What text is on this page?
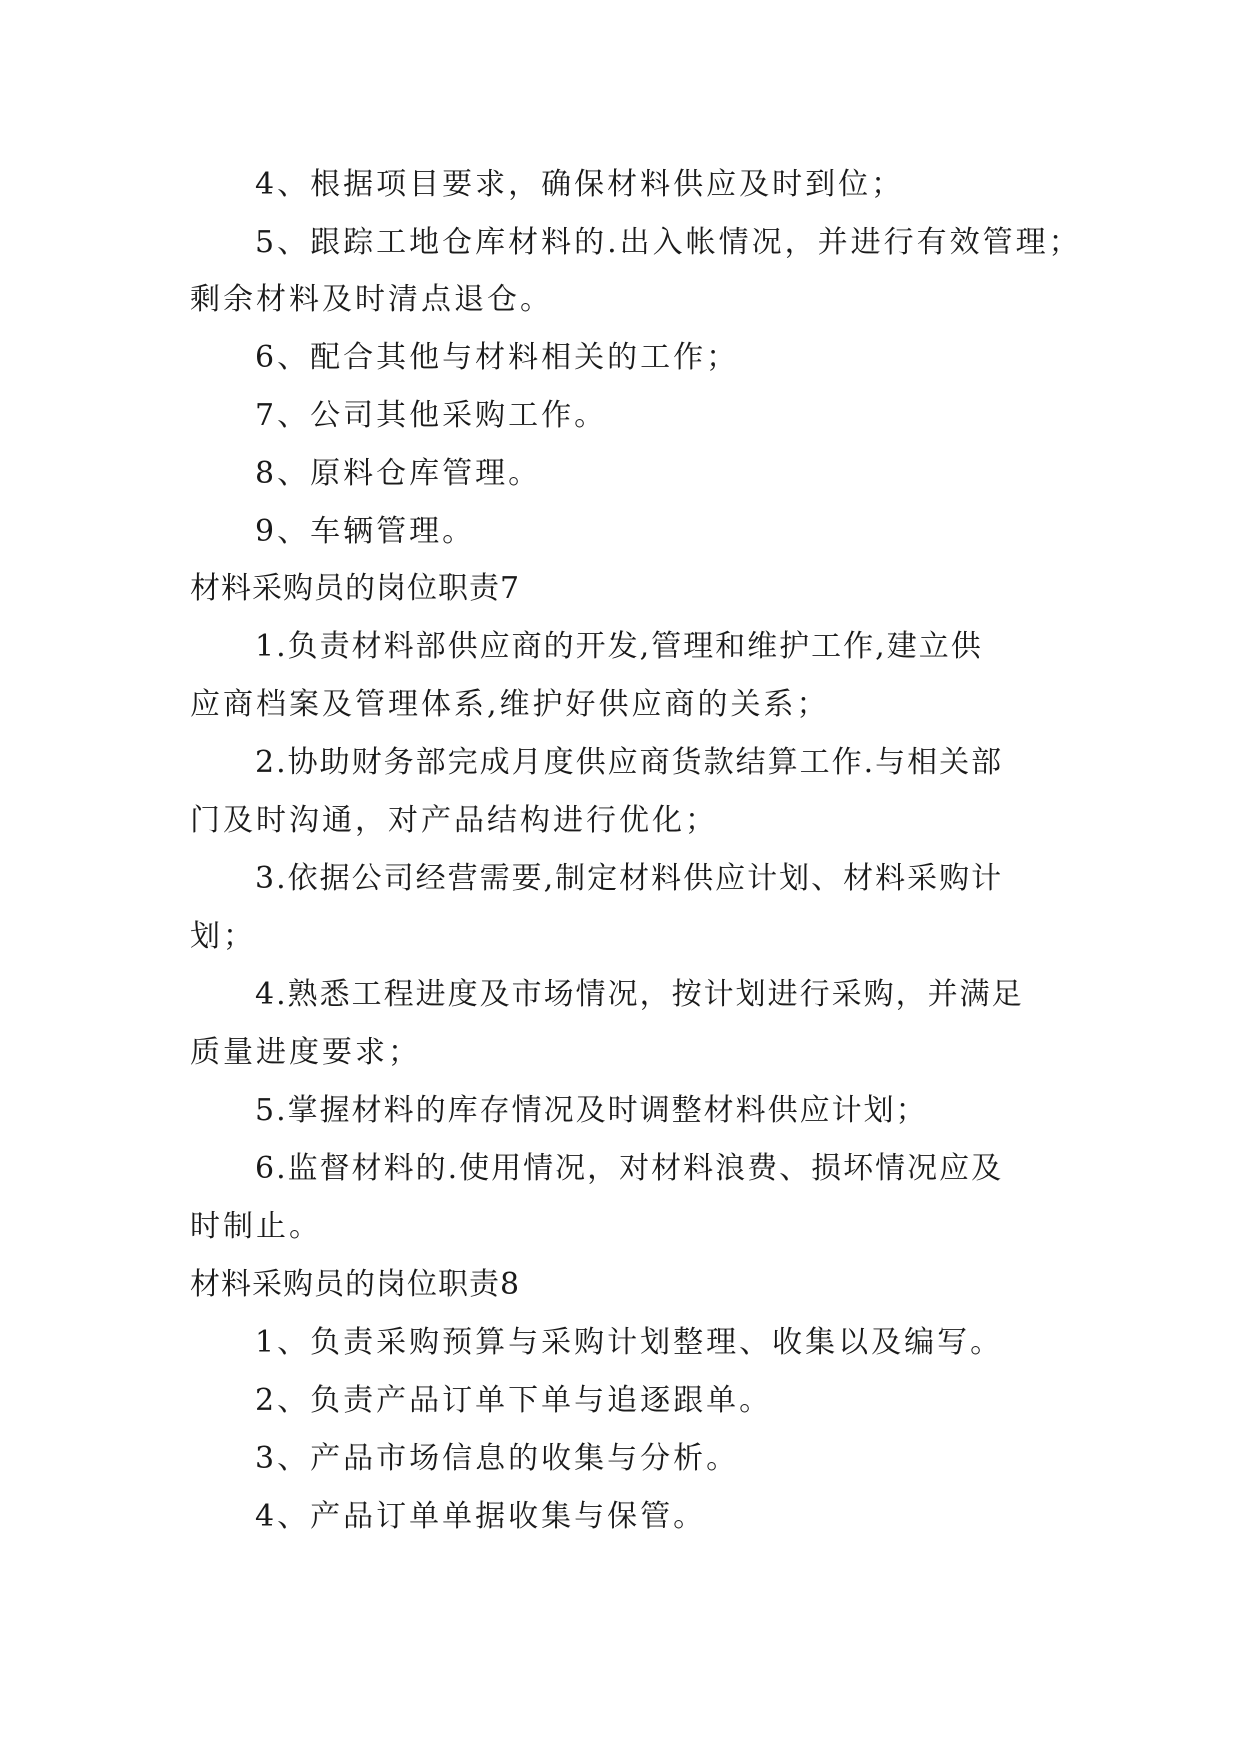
4、根据项目要求，确保材料供应及时到位；
5、跟踪工地仓库材料的.出入帐情况，并进行有效管理；
剩余材料及时清点退仓。
6、配合其他与材料相关的工作；
7、公司其他采购工作。
8、原料仓库管理。
9、车辆管理。
材料采购员的岗位职责7
1.负责材料部供应商的开发,管理和维护工作,建立供
应商档案及管理体系,维护好供应商的关系；
2.协助财务部完成月度供应商货款结算工作.与相关部
门及时沟通，对产品结构进行优化；
3.依据公司经营需要,制定材料供应计划、材料采购计
划；
4.熟悉工程进度及市场情况，按计划进行采购，并满足
质量进度要求；
5.掌握材料的库存情况及时调整材料供应计划；
6.监督材料的.使用情况，对材料浪费、损坏情况应及
时制止。
材料采购员的岗位职责8
1、负责采购预算与采购计划整理、收集以及编写。
2、负责产品订单下单与追逐跟单。
3、产品市场信息的收集与分析。
4、产品订单单据收集与保管。
